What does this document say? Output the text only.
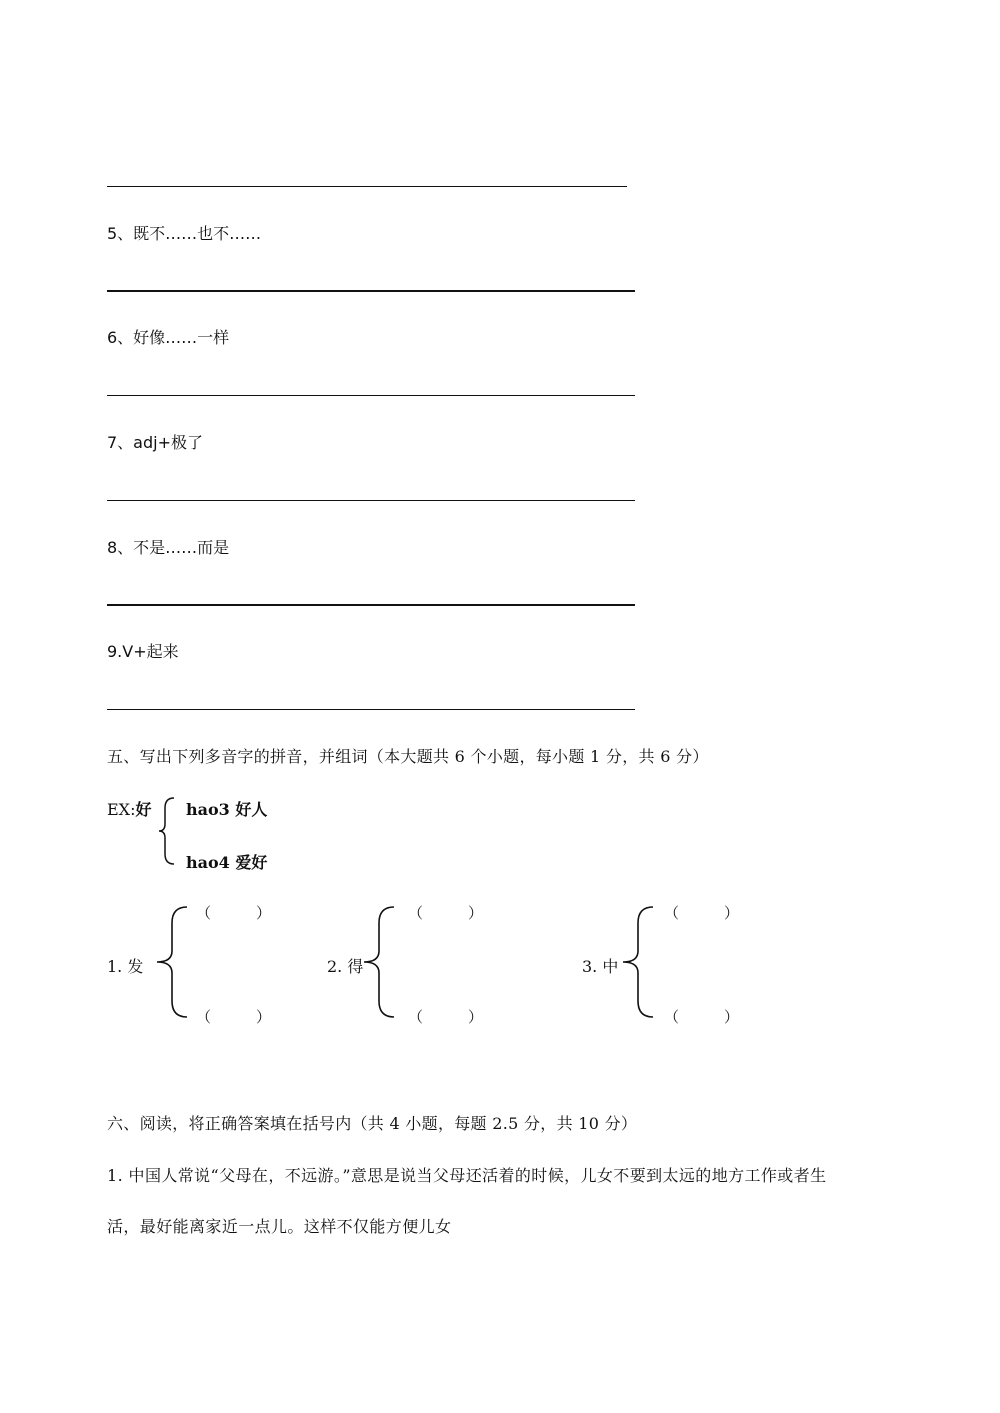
5、既不……也不……
6、好像……一样
7、adj+极了
8、不是……而是
9.V+起来
五、写出下列多音字的拼音，并组词（本大题共 6 个小题，每小题 1 分，共 6 分）
EX:好 hao3 好人
hao4 爱好
1. 发
（　　　）
（　　　）
2. 得
（　　　）
（　　　）
3. 中
（　　　）
（　　　）
六、阅读，将正确答案填在括号内（共 4 小题，每题 2.5 分，共 10 分）
1. 中国人常说“父母在，不远游。”意思是说当父母还活着的时候，儿女不要到太远的地方工作或者生
活，最好能离家近一点儿。这样不仅能方便儿女
